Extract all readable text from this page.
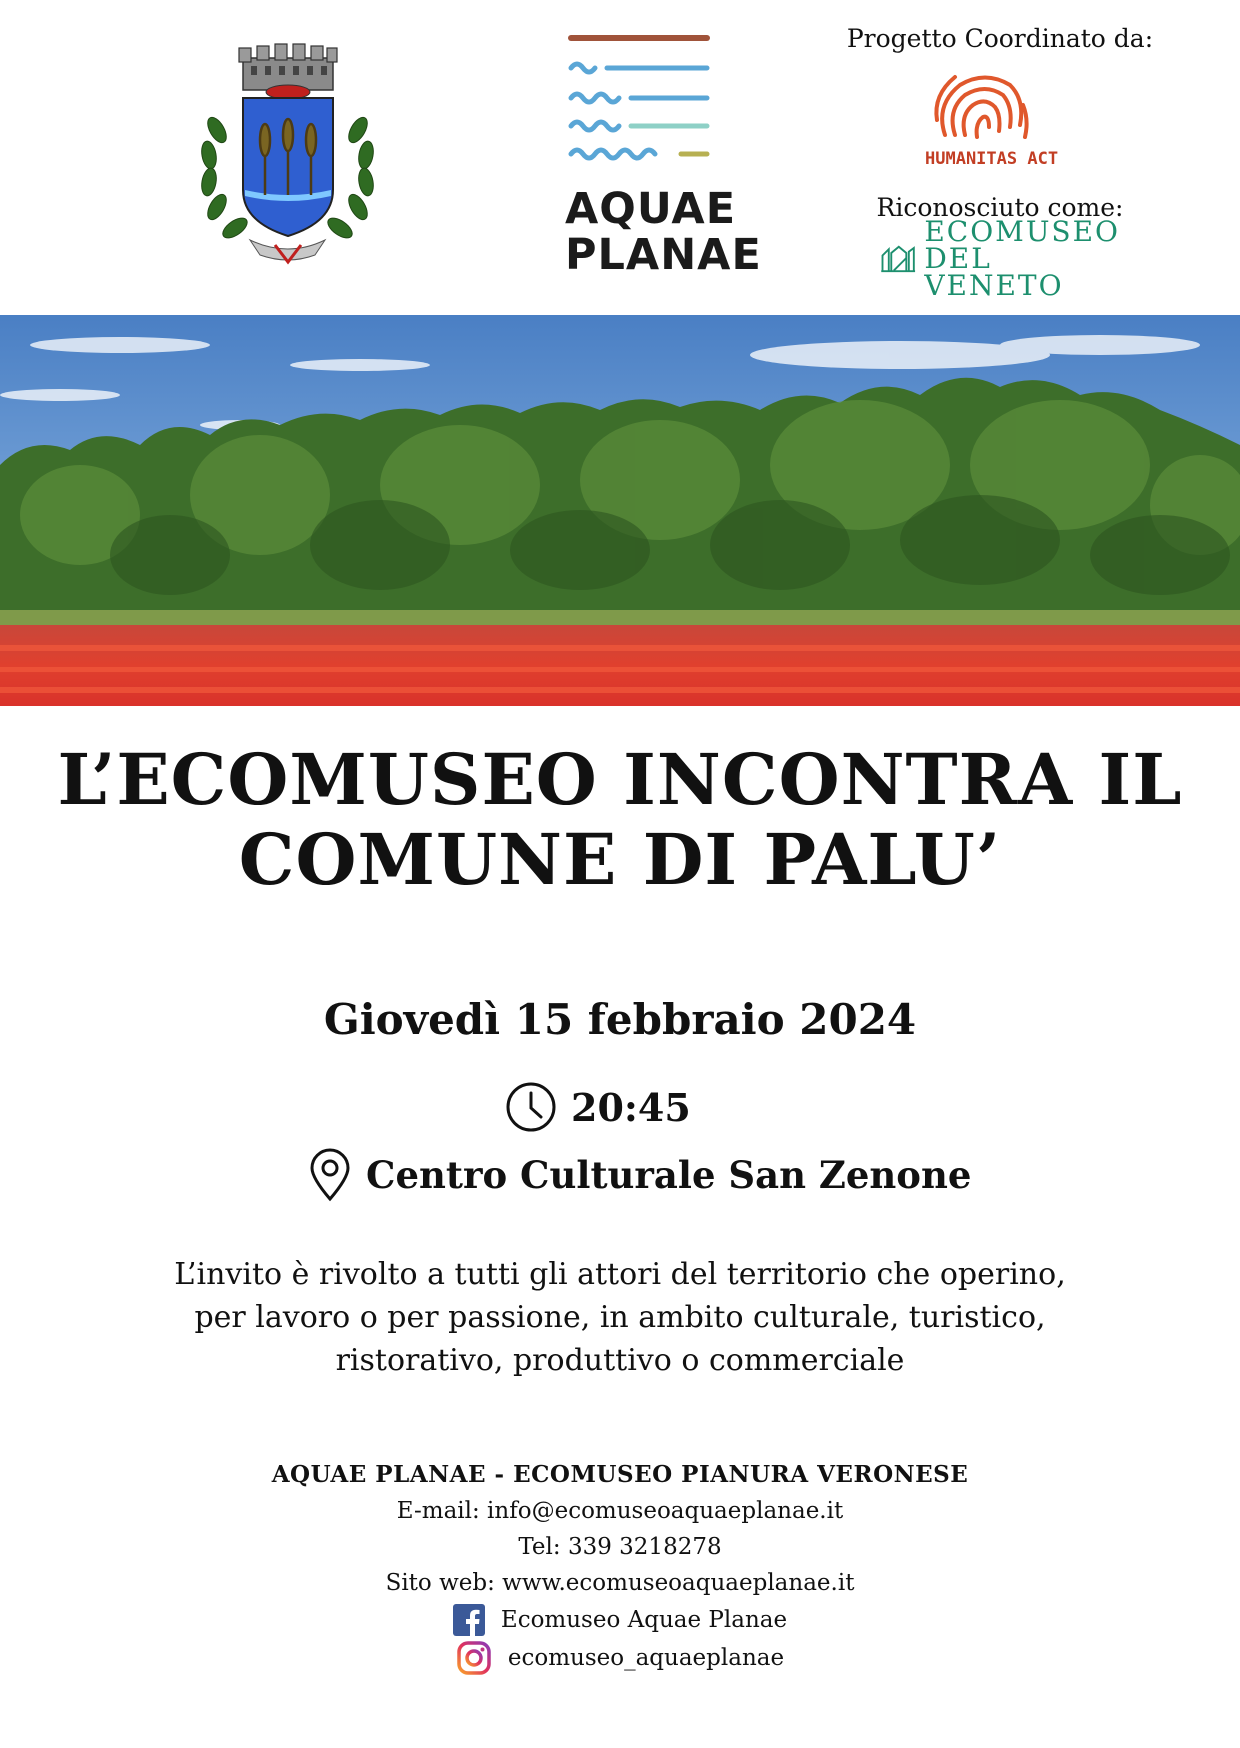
AQUAE
PLANAE
Progetto Coordinato da:
HUMANITAS ACT
Riconosciuto come:
ECOMUSEO
DEL VENETO
L’ECOMUSEO INCONTRA IL
COMUNE DI PALU’
Giovedì 15 febbraio 2024
20:45
Centro Culturale San Zenone
L’invito è rivolto a tutti gli attori del territorio che operino,
per lavoro o per passione, in ambito culturale, turistico,
ristorativo, produttivo o commerciale
AQUAE PLANAE - ECOMUSEO PIANURA VERONESE
E-mail: info@ecomuseoaquaeplanae.it
Tel: 339 3218278
Sito web: www.ecomuseoaquaeplanae.it
Ecomuseo Aquae Planae
ecomuseo_aquaeplanae
